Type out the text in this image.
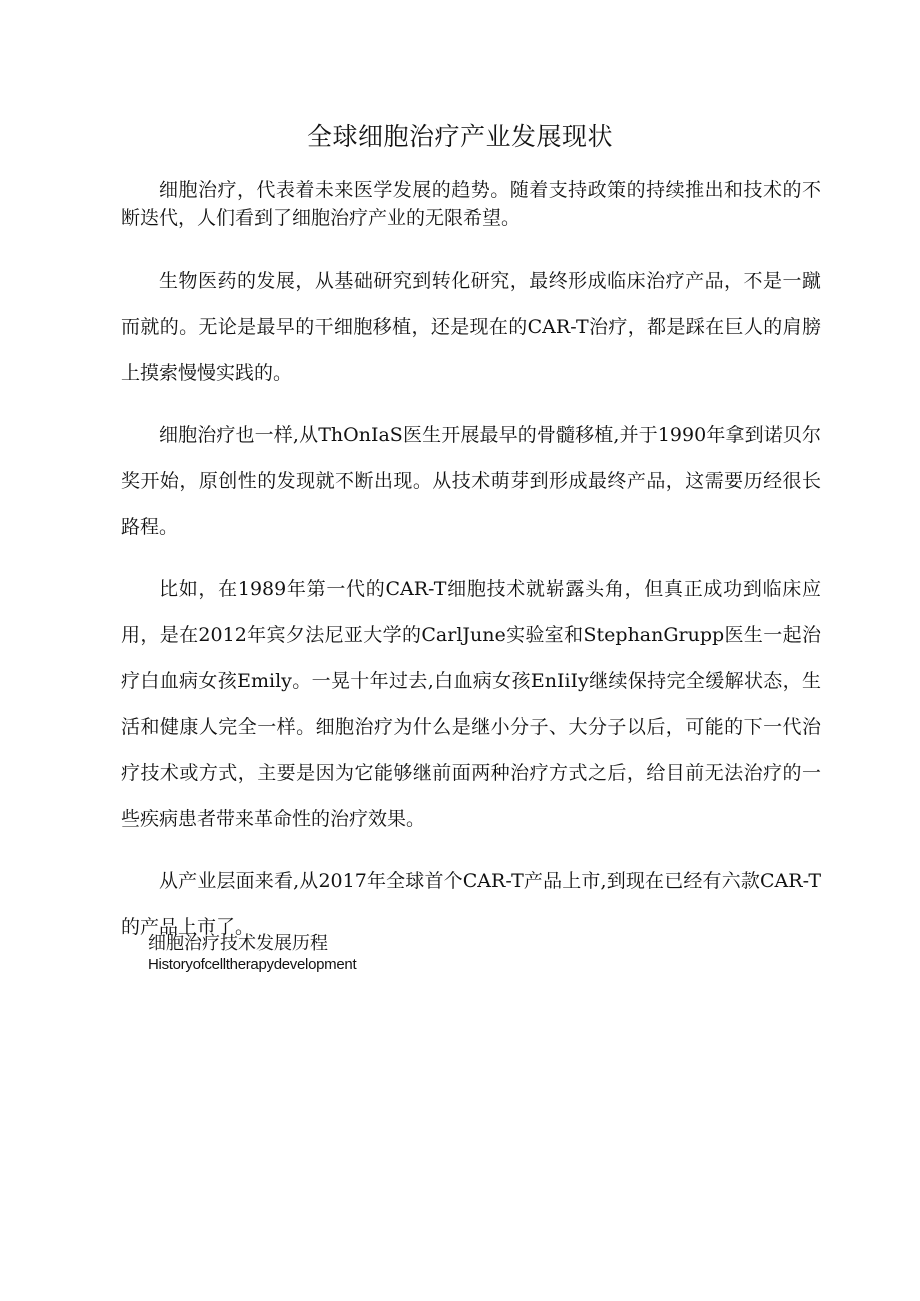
全球细胞治疗产业发展现状

细胞治疗，代表着未来医学发展的趋势。随着支持政策的持续推出和技术的不断迭代，人们看到了细胞治疗产业的无限希望。

生物医药的发展，从基础研究到转化研究，最终形成临床治疗产品，不是一蹴而就的。无论是最早的干细胞移植，还是现在的CAR-T治疗，都是踩在巨人的肩膀上摸索慢慢实践的。

细胞治疗也一样,从ThOnIaS医生开展最早的骨髓移植,并于1990年拿到诺贝尔奖开始，原创性的发现就不断出现。从技术萌芽到形成最终产品，这需要历经很长路程。

比如，在1989年第一代的CAR-T细胞技术就崭露头角，但真正成功到临床应用，是在2012年宾夕法尼亚大学的CarlJune实验室和StephanGrupp医生一起治疗白血病女孩Emily。一晃十年过去,白血病女孩EnIiIy继续保持完全缓解状态，生活和健康人完全一样。细胞治疗为什么是继小分子、大分子以后，可能的下一代治疗技术或方式，主要是因为它能够继前面两种治疗方式之后，给目前无法治疗的一些疾病患者带来革命性的治疗效果。

从产业层面来看,从2017年全球首个CAR-T产品上市,到现在已经有六款CAR-T的产品上市了。

细胞治疗技术发展历程

Historyofcelltherapydevelopment
